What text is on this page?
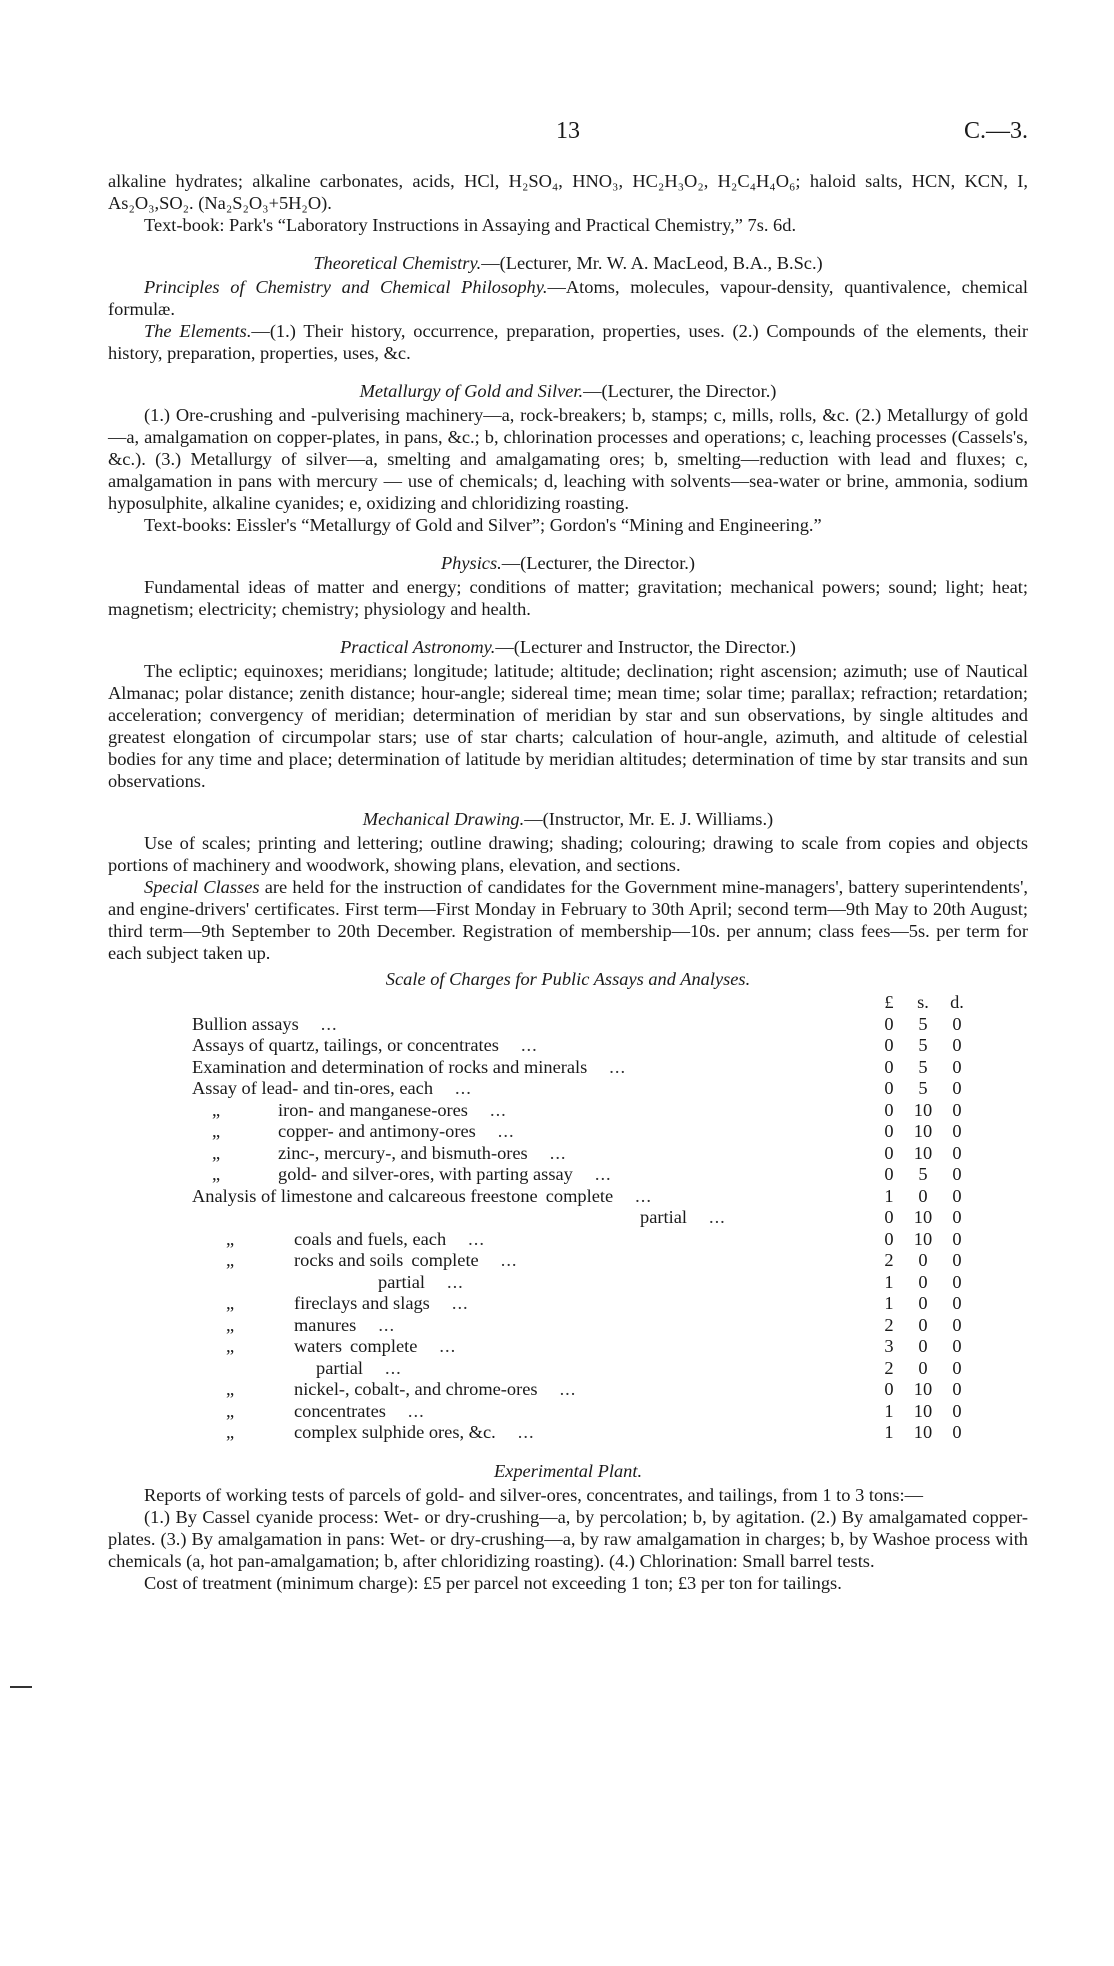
13	C.—3.

alkaline hydrates; alkaline carbonates, acids, HCl, H₂SO₄, HNO₃, HC₂H₃O₂, H₂C₄H₄O₆; haloid salts, HCN, KCN, I, As₂O₃,SO₂. (Na₂S₂O₃+5H₂O).

Text-book: Park's “Laboratory Instructions in Assaying and Practical Chemistry,” 7s. 6d.

Theoretical Chemistry.—(Lecturer, Mr. W. A. MacLeod, B.A., B.Sc.)

Principles of Chemistry and Chemical Philosophy.—Atoms, molecules, vapour-density, quantivalence, chemical formulæ.

The Elements.—(1.) Their history, occurrence, preparation, properties, uses. (2.) Compounds of the elements, their history, preparation, properties, uses, &c.

Metallurgy of Gold and Silver.—(Lecturer, the Director.)

(1.) Ore-crushing and -pulverising machinery—a, rock-breakers; b, stamps; c, mills, rolls, &c. (2.) Metallurgy of gold—a, amalgamation on copper-plates, in pans, &c.; b, chlorination processes and operations; c, leaching processes (Cassels's, &c.). (3.) Metallurgy of silver—a, smelting and amalgamating ores; b, smelting—reduction with lead and fluxes; c, amalgamation in pans with mercury — use of chemicals; d, leaching with solvents—sea-water or brine, ammonia, sodium hyposulphite, alkaline cyanides; e, oxidizing and chloridizing roasting.

Text-books: Eissler's “Metallurgy of Gold and Silver”; Gordon's “Mining and Engineering.”

Physics.—(Lecturer, the Director.)

Fundamental ideas of matter and energy; conditions of matter; gravitation; mechanical powers; sound; light; heat; magnetism; electricity; chemistry; physiology and health.

Practical Astronomy.—(Lecturer and Instructor, the Director.)

The ecliptic; equinoxes; meridians; longitude; latitude; altitude; declination; right ascension; azimuth; use of Nautical Almanac; polar distance; zenith distance; hour-angle; sidereal time; mean time; solar time; parallax; refraction; retardation; acceleration; convergency of meridian; determination of meridian by star and sun observations, by single altitudes and greatest elongation of circumpolar stars; use of star charts; calculation of hour-angle, azimuth, and altitude of celestial bodies for any time and place; determination of latitude by meridian altitudes; determination of time by star transits and sun observations.

Mechanical Drawing.—(Instructor, Mr. E. J. Williams.)

Use of scales; printing and lettering; outline drawing; shading; colouring; drawing to scale from copies and objects portions of machinery and woodwork, showing plans, elevation, and sections.

Special Classes are held for the instruction of candidates for the Government mine-managers', battery superintendents', and engine-drivers' certificates. First term—First Monday in February to 30th April; second term—9th May to 20th August; third term—9th September to 20th December. Registration of membership—10s. per annum; class fees—5s. per term for each subject taken up.

Scale of Charges for Public Assays and Analyses.
	£	s.	d.
Bullion assays ...	0	5	0
Assays of quartz, tailings, or concentrates ...	0	5	0
Examination and determination of rocks and minerals ...	0	5	0
Assay of lead- and tin-ores, each ...	0	5	0
„ iron- and manganese-ores ...	0	10	0
„ copper- and antimony-ores ...	0	10	0
„ zinc-, mercury-, and bismuth-ores ...	0	10	0
„ gold- and silver-ores, with parting assay ...	0	5	0
Analysis of limestone and calcareous freestone complete ...	1	0	0
partial ...	0	10	0
„ coals and fuels, each ...	0	10	0
„ rocks and soils complete ...	2	0	0
partial ...	1	0	0
„ fireclays and slags ...	1	0	0
„ manures ...	2	0	0
„ waters complete ...	3	0	0
partial ...	2	0	0
„ nickel-, cobalt-, and chrome-ores ...	0	10	0
„ concentrates ...	1	10	0
„ complex sulphide ores, &c. ...	1	10	0
Experimental Plant.

Reports of working tests of parcels of gold- and silver-ores, concentrates, and tailings, from 1 to 3 tons:—

(1.) By Cassel cyanide process: Wet- or dry-crushing—a, by percolation; b, by agitation. (2.) By amalgamated copper-plates. (3.) By amalgamation in pans: Wet- or dry-crushing—a, by raw amalgamation in charges; b, by Washoe process with chemicals (a, hot pan-amalgamation; b, after chloridizing roasting). (4.) Chlorination: Small barrel tests.

Cost of treatment (minimum charge): £5 per parcel not exceeding 1 ton; £3 per ton for tailings.
